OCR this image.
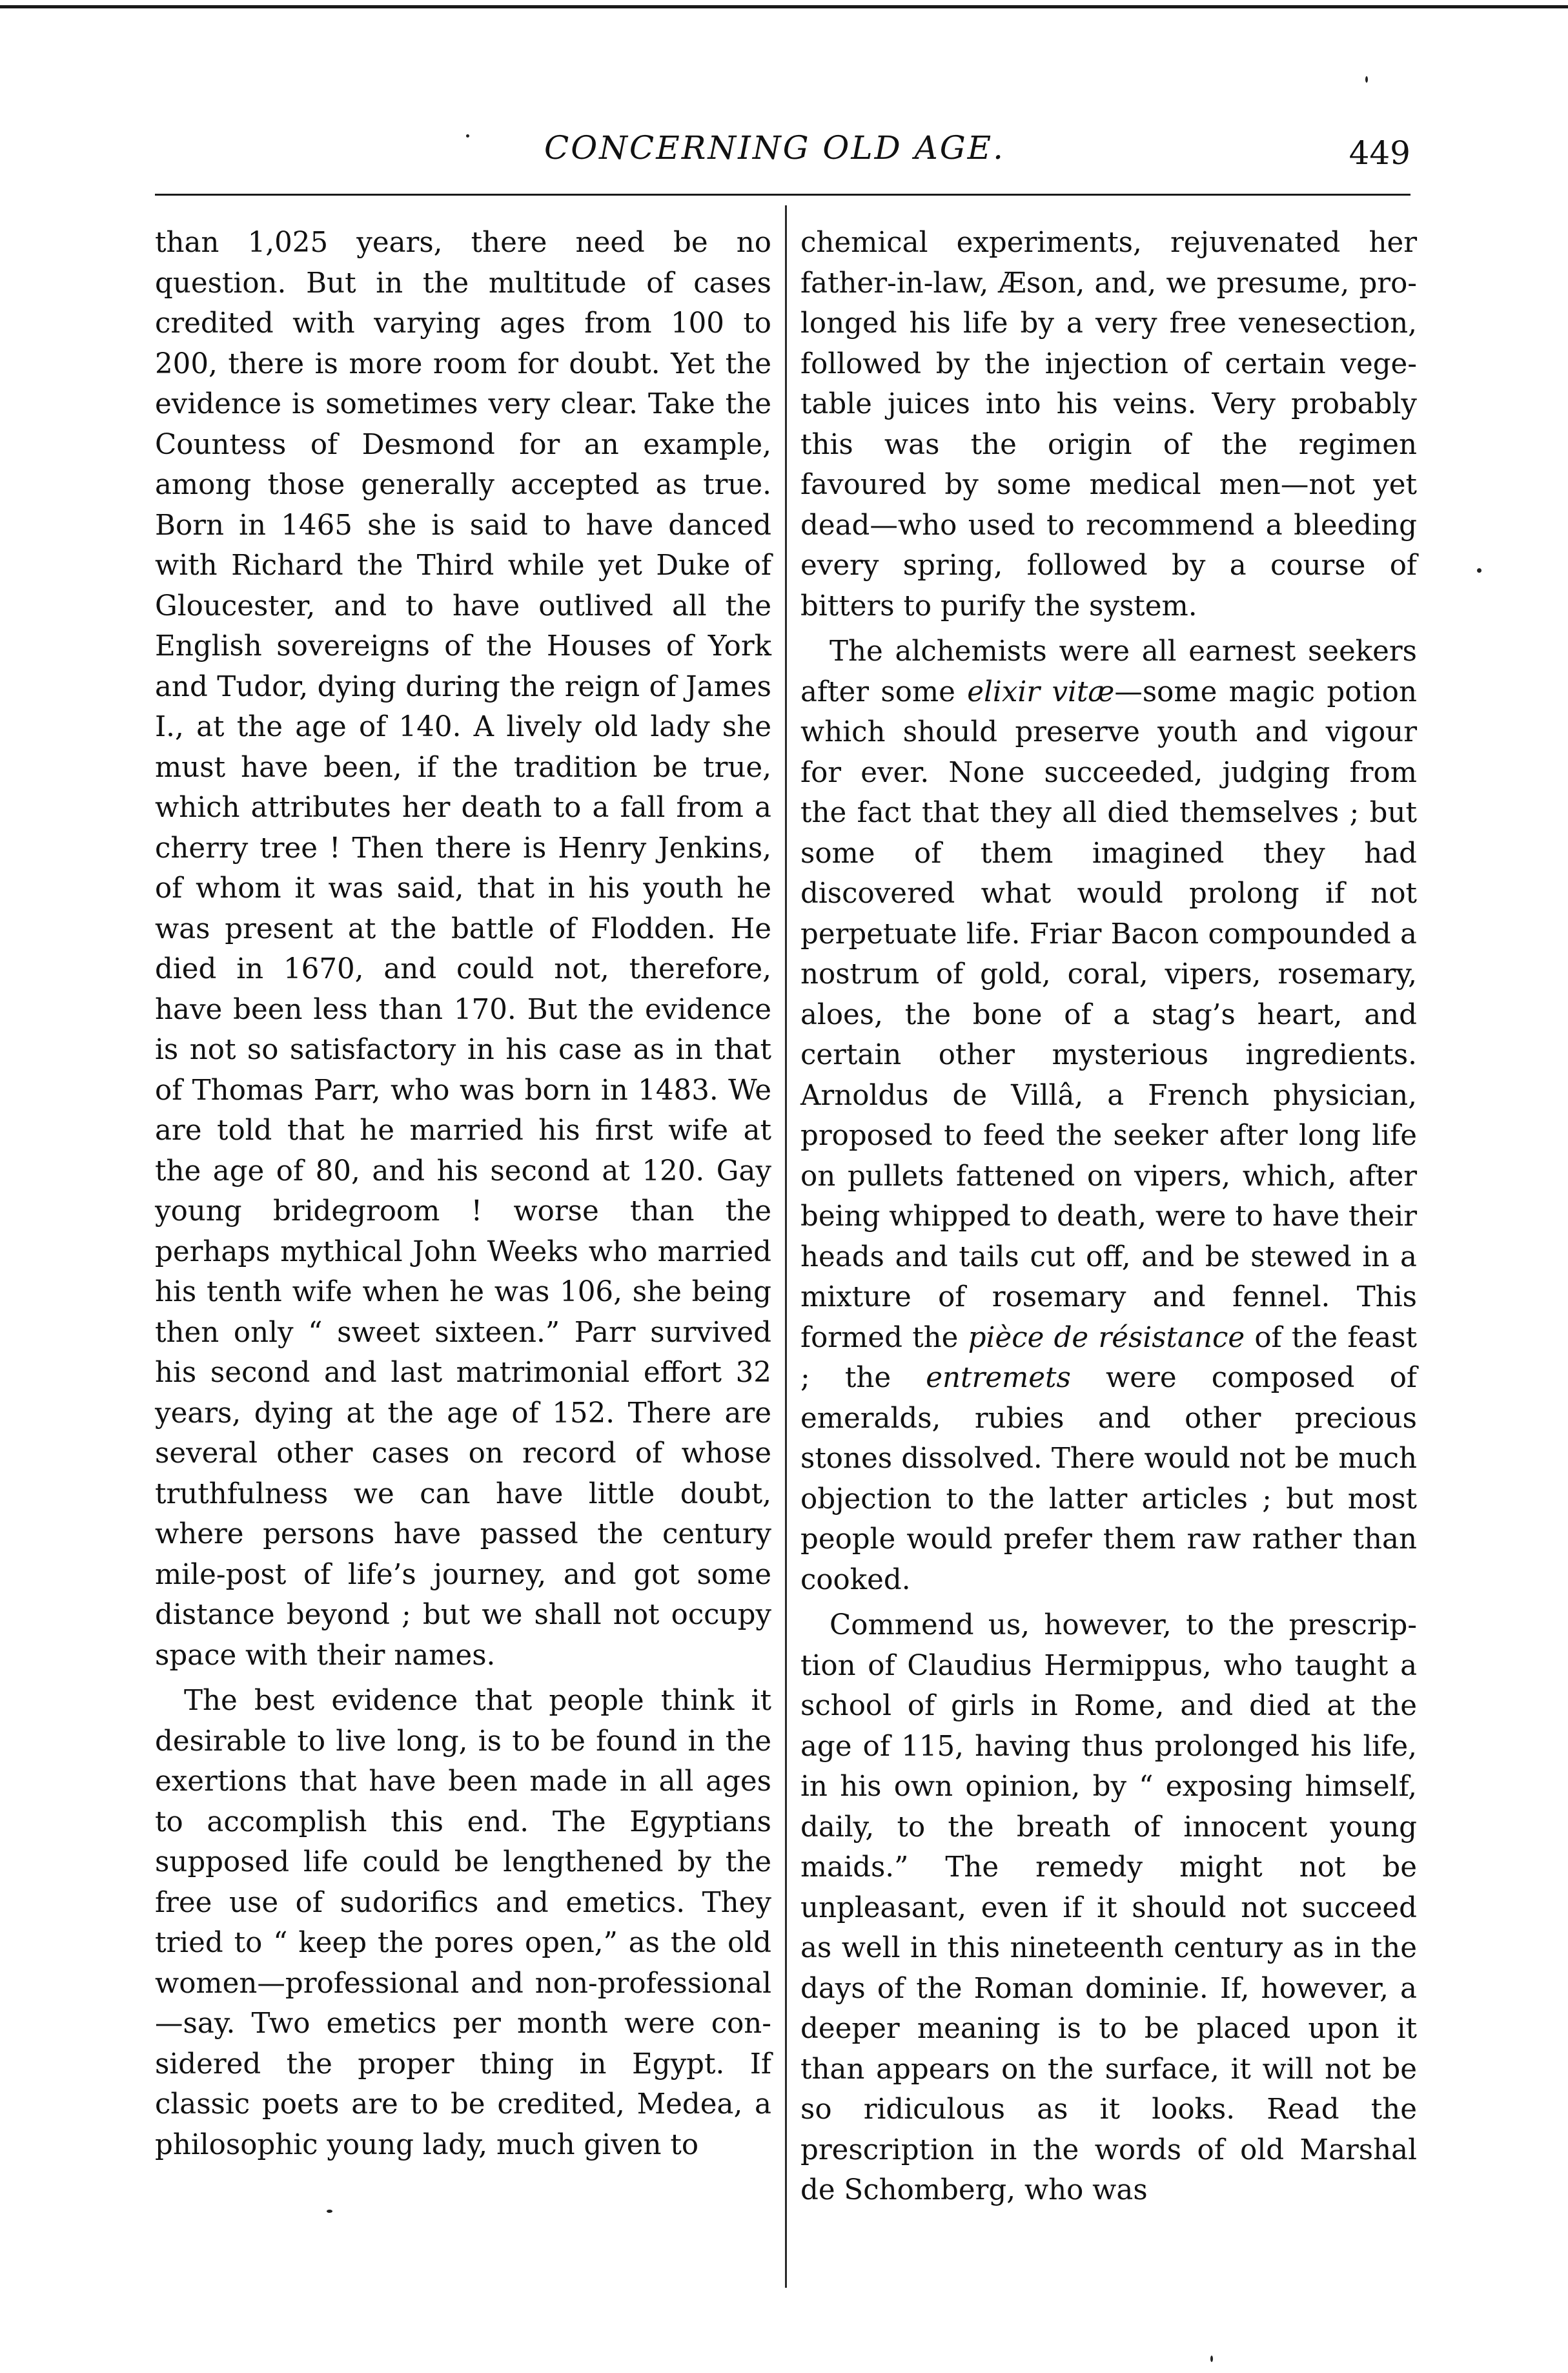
CONCERNING OLD AGE.	449

than 1,025 years, there need be no question. But in the multitude of cases credited with varying ages from 100 to 200, there is more room for doubt. Yet the evidence is sometimes very clear. Take the Countess of Desmond for an example, among those generally accepted as true. Born in 1465 she is said to have danced with Richard the Third while yet Duke of Gloucester, and to have outlived all the English sovereigns of the Houses of York and Tudor, dying during the reign of James I., at the age of 140. A lively old lady she must have been, if the tradition be true, which attributes her death to a fall from a cherry tree ! Then there is Henry Jenkins, of whom it was said, that in his youth he was present at the battle of Flodden. He died in 1670, and could not, therefore, have been less than 170. But the evidence is not so satisfactory in his case as in that of Thomas Parr, who was born in 1483. We are told that he married his first wife at the age of 80, and his second at 120. Gay young bridegroom ! worse than the perhaps mythical John Weeks who married his tenth wife when he was 106, she being then only “ sweet sixteen.” Parr survived his second and last matrimonial effort 32 years, dying at the age of 152. There are several other cases on record of whose truthfulness we can have little doubt, where persons have passed the century mile-post of life’s journey, and got some distance beyond ; but we shall not occupy space with their names.

The best evidence that people think it desirable to live long, is to be found in the exertions that have been made in all ages to accomplish this end. The Egyptians supposed life could be lengthened by the free use of sudorifics and emetics. They tried to “ keep the pores open,” as the old women—professional and non-professional —say. Two emetics per month were considered the proper thing in Egypt. If classic poets are to be credited, Medea, a philosophic young lady, much given to

chemical experiments, rejuvenated her father-in-law, Æson, and, we presume, prolonged his life by a very free venesection, followed by the injection of certain vegetable juices into his veins. Very probably this was the origin of the regimen favoured by some medical men—not yet dead—who used to recommend a bleeding every spring, followed by a course of bitters to purify the system.

The alchemists were all earnest seekers after some elixir vitæ—some magic potion which should preserve youth and vigour for ever. None succeeded, judging from the fact that they all died themselves ; but some of them imagined they had discovered what would prolong if not perpetuate life. Friar Bacon compounded a nostrum of gold, coral, vipers, rosemary, aloes, the bone of a stag’s heart, and certain other mysterious ingredients. Arnoldus de Villâ, a French physician, proposed to feed the seeker after long life on pullets fattened on vipers, which, after being whipped to death, were to have their heads and tails cut off, and be stewed in a mixture of rosemary and fennel. This formed the pièce de résistance of the feast ; the entremets were composed of emeralds, rubies and other precious stones dissolved. There would not be much objection to the latter articles ; but most people would prefer them raw rather than cooked.

Commend us, however, to the prescription of Claudius Hermippus, who taught a school of girls in Rome, and died at the age of 115, having thus prolonged his life, in his own opinion, by “ exposing himself, daily, to the breath of innocent young maids.” The remedy might not be unpleasant, even if it should not succeed as well in this nineteenth century as in the days of the Roman dominie. If, however, a deeper meaning is to be placed upon it than appears on the surface, it will not be so ridiculous as it looks. Read the prescription in the words of old Marshal de Schomberg, who was
